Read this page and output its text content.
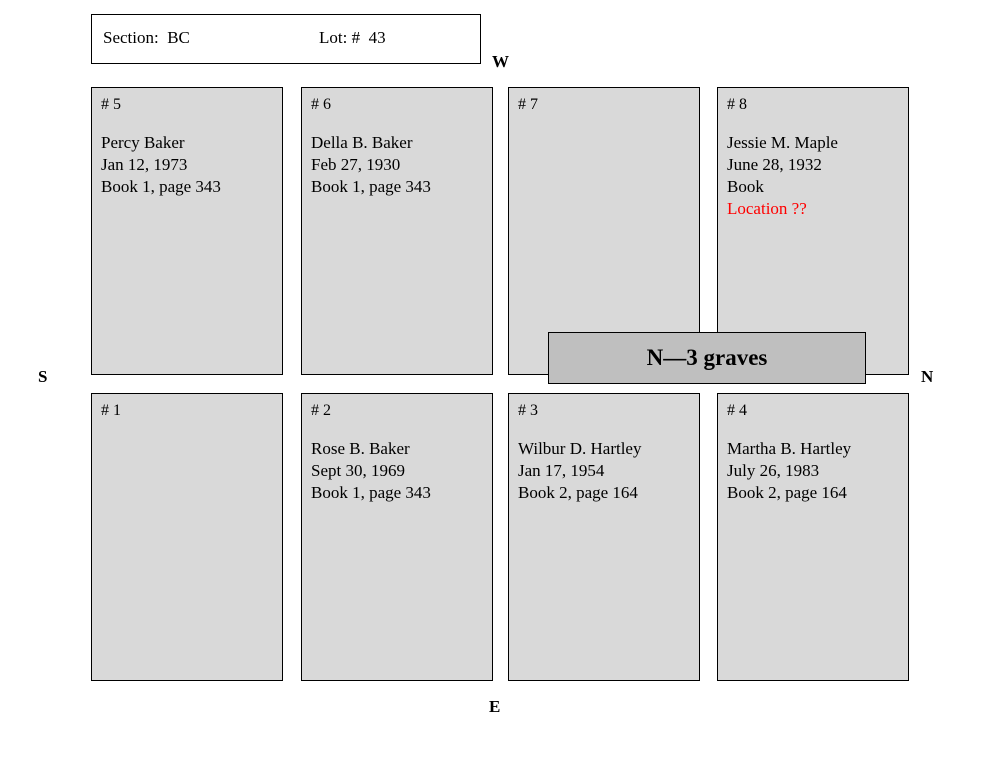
Section:  BC	Lot: #  43
W
N
S
E
# 5
Percy Baker
Jan 12, 1973
Book 1, page 343
# 6
Della B. Baker
Feb 27, 1930
Book 1, page 343
# 7	# 8
Jessie M. Maple
June 28, 1932
Book
Location ??
# 1	# 2
Rose B. Baker
Sept 30, 1969
Book 1, page 343
# 3
Wilbur D. Hartley
Jan 17, 1954
Book 2, page 164
# 4
Martha B. Hartley
July 26, 1983
Book 2, page 164
N—3 graves
